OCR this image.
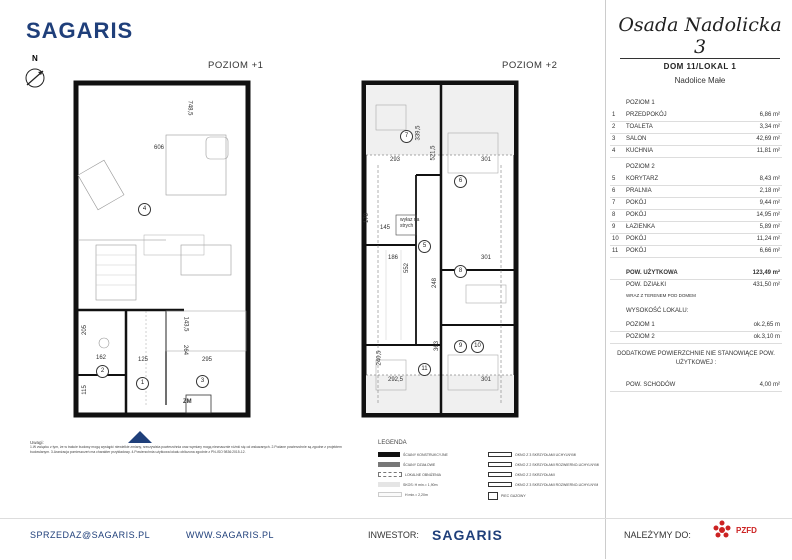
SAGARIS
N
POZIOM +1	POZIOM +2
606
748,5
143,5
264
295
162	125
115
205
1
2
3
4
ZM
339,5
293	521,5	301
186
552
248
363
240,5
292,5	301
301
170
145
wyłaz na strych
5
6
7
8
9	10
11
Uwagi:
1.W związku z tym, że w trakcie budowy mogą wystąpić niewielkie zmiany, rzeczywista powierzchnia oraz wymiary mogą nieznacznie różnić się od wskazanych. 2.Podane powierzchnie są zgodne z projektem budowlanym. 3.Aranżacja pomieszczeń ma charakter przykładowy. 4.Powierzchnia użytkowa lokalu obliczona zgodnie z PN-ISO 9836:2015-12.
LEGENDA
ŚCIANY KONSTRUKCYJNE
ŚCIANY DZIAŁOWE
LOKALNE OBNIŻENIA
SKOS: H min.= 1,90m
H min.= 2,20m
OKNO Z 3 SKRZYDŁAMI UCHYLNYMI
OKNO Z 2 SKRZYDŁAMI ROZWIERNO-UCHYLNYMI
OKNO Z 2 SKRZYDŁAMI
OKNO Z 3 SKRZYDŁAMI ROZWIERNO-UCHYLNYM
PIEC GAZOWY
Osada Nadolicka 3
DOM 11/LOKAL 1
Nadolice Małe
POZIOM 1
1 PRZEDPOKÓJ	6,86 m²
2 TOALETA	3,34 m²
3 SALON	42,69 m²
4 KUCHNIA	11,81 m²
POZIOM 2
5 KORYTARZ	8,43 m²
6 PRALNIA	2,18 m²
7 POKÓJ	9,44 m²
8 POKÓJ	14,95 m²
9 ŁAZIENKA	5,89 m²
10 POKÓJ	11,24 m²
11 POKÓJ	6,66 m²
POW. UŻYTKOWA	123,49 m²
POW. DZIAŁKI	431,50 m²
WRAZ Z TERENEM POD DOMEM
WYSOKOŚĆ LOKALU:
POZIOM 1	ok.2,65 m
POZIOM 2	ok.3,10 m
DODATKOWE POWIERZCHNIE NIE STANOWIĄCE POW. UŻYTKOWEJ :
POW. SCHODÓW	4,00 m²
SPRZEDAZ@SAGARIS.PL	WWW.SAGARIS.PL	INWESTOR: SAGARIS	NALEŻYMY DO:	PZFD
